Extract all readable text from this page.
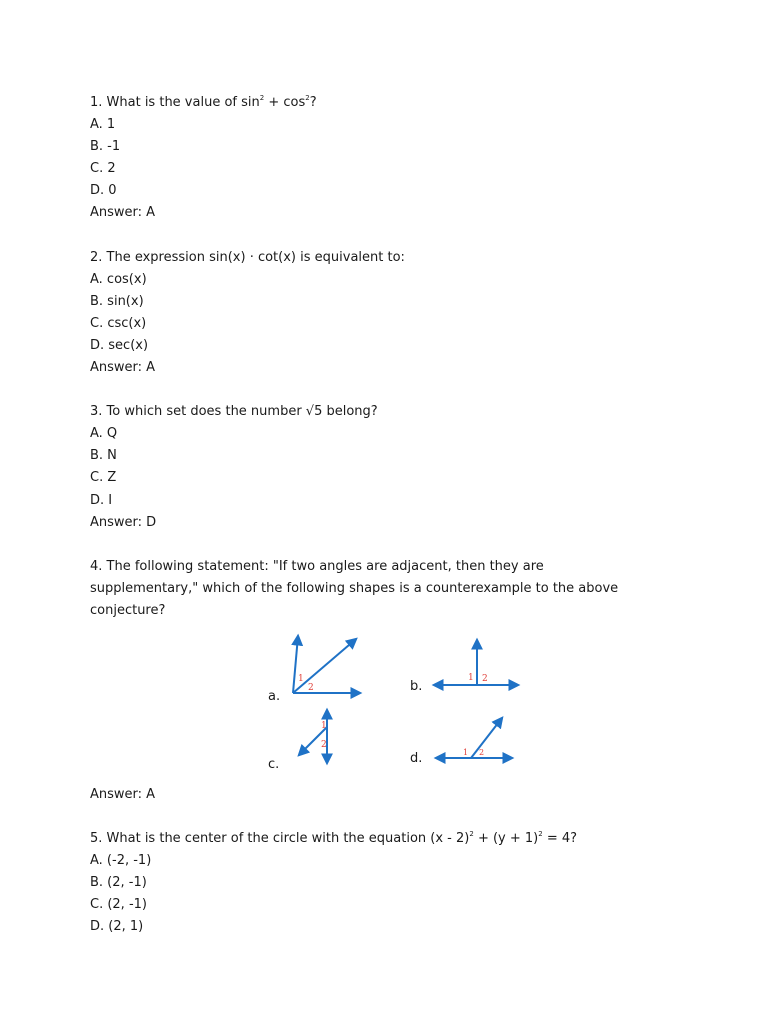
1. What is the value of $\sin^2 + \cos^2$?
A. 1
B. -1
C. 2
D. 0
Answer: A
2. The expression sin(x) · cot(x) is equivalent to:
A. cos(x)
B. sin(x)
C. csc(x)
D. sec(x)
Answer: A
3. To which set does the number √5 belong?
A. Q
B. N
C. Z
D. I
Answer: D
4. The following statement: "If two angles are adjacent, then they are supplementary," which of the following shapes is a counterexample to the above conjecture?
a.
1
2	b.
1 2
c.
1
2
d.	1 2
Answer: A
5. What is the center of the circle with the equation $(x - 2)^2 + (y + 1)^2 = 4$?
A. (-2, -1)
B. (2, -1)
C. (2, -1)
D. (2, 1)
